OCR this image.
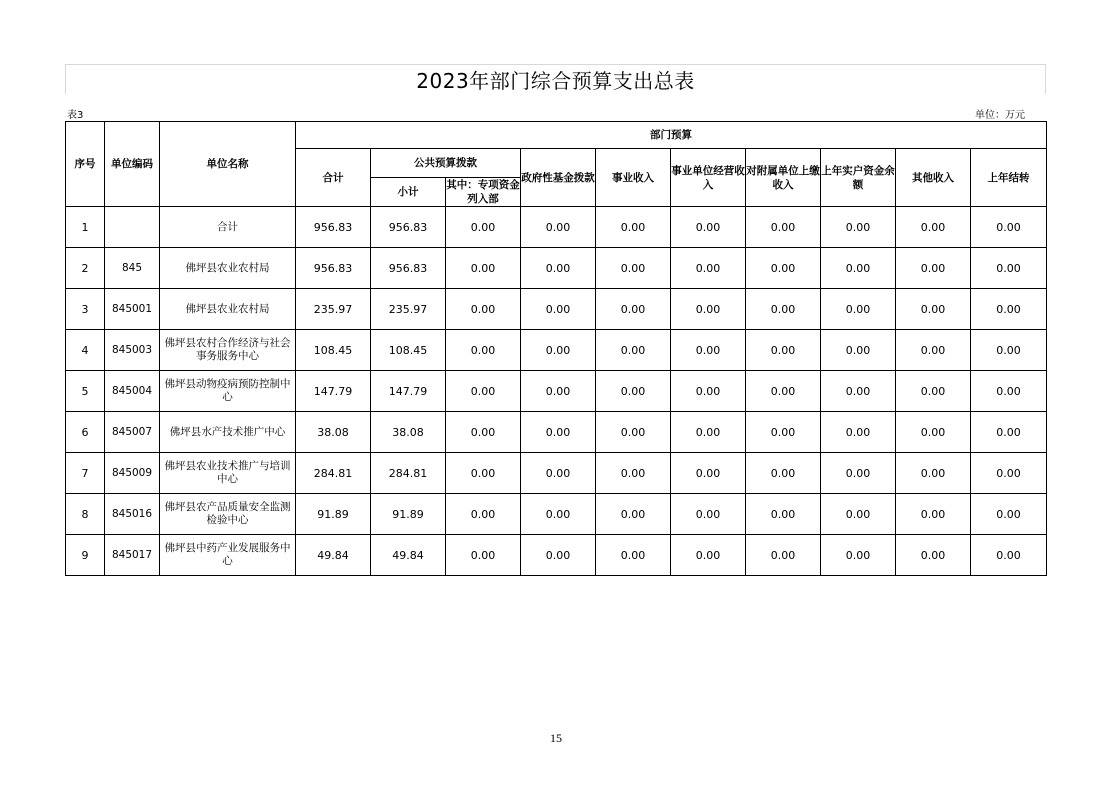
2023年部门综合预算支出总表
表3	单位：万元
序号	单位编码	单位名称	部门预算									
			合计	公共预算拨款		政府性基金拨款	事业收入	事业单位经营收入	对附属单位上缴收入	上年实户资金余额	其他收入	上年结转
				小计	其中：专项资金列入部							
1		合计	956.83	956.83	0.00	0.00	0.00	0.00	0.00	0.00	0.00	0.00
2	845	佛坪县农业农村局	956.83	956.83	0.00	0.00	0.00	0.00	0.00	0.00	0.00	0.00
3	845001	佛坪县农业农村局	235.97	235.97	0.00	0.00	0.00	0.00	0.00	0.00	0.00	0.00
4	845003	佛坪县农村合作经济与社会事务服务中心	108.45	108.45	0.00	0.00	0.00	0.00	0.00	0.00	0.00	0.00
5	845004	佛坪县动物疫病预防控制中心	147.79	147.79	0.00	0.00	0.00	0.00	0.00	0.00	0.00	0.00
6	845007	佛坪县水产技术推广中心	38.08	38.08	0.00	0.00	0.00	0.00	0.00	0.00	0.00	0.00
7	845009	佛坪县农业技术推广与培训中心	284.81	284.81	0.00	0.00	0.00	0.00	0.00	0.00	0.00	0.00
8	845016	佛坪县农产品质量安全监测检验中心	91.89	91.89	0.00	0.00	0.00	0.00	0.00	0.00	0.00	0.00
9	845017	佛坪县中药产业发展服务中心	49.84	49.84	0.00	0.00	0.00	0.00	0.00	0.00	0.00	0.00
15
